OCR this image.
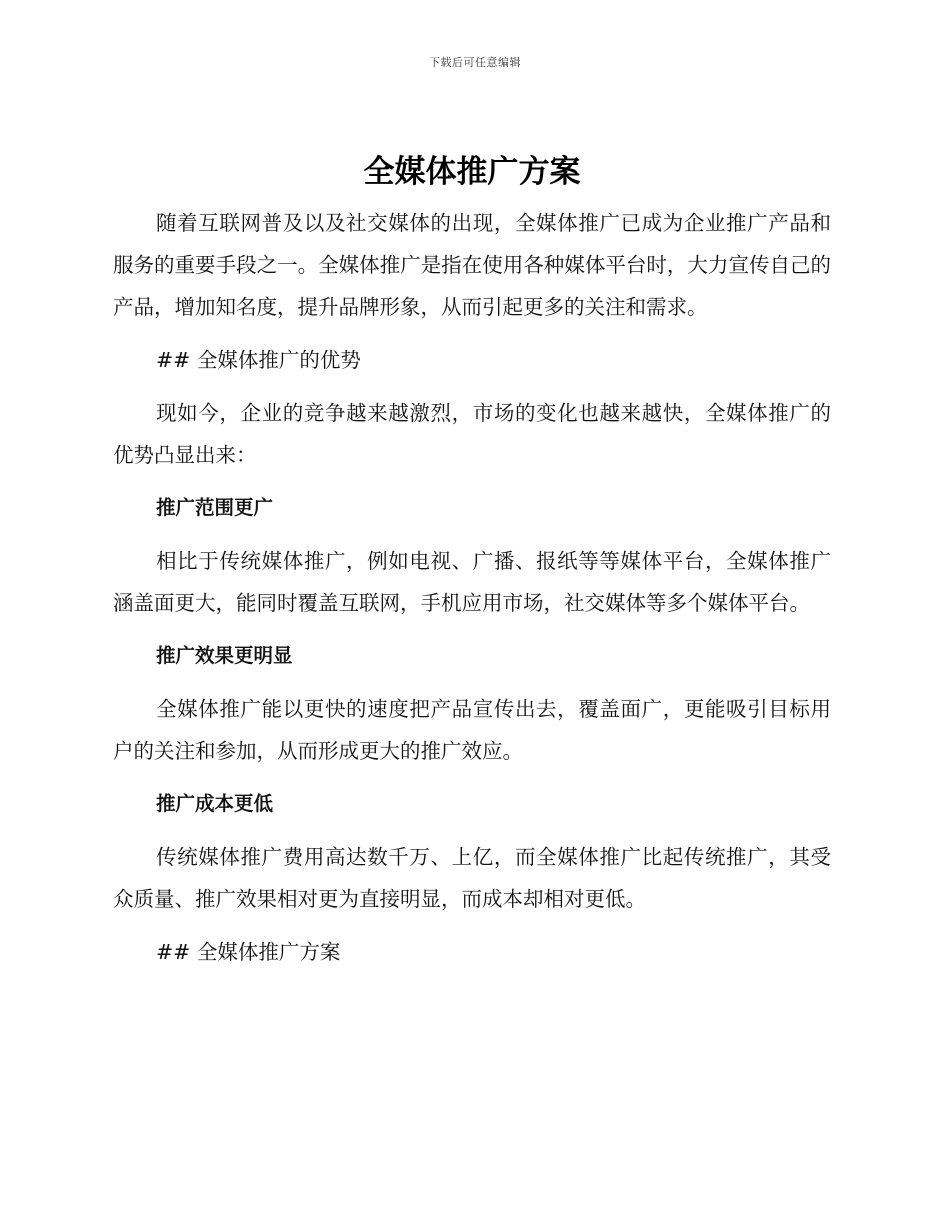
下载后可任意编辑
全媒体推广方案

随着互联网普及以及社交媒体的出现，全媒体推广已成为企业推广产品和服务的重要手段之一。全媒体推广是指在使用各种媒体平台时，大力宣传自己的产品，增加知名度，提升品牌形象，从而引起更多的关注和需求。

## 全媒体推广的优势

现如今，企业的竞争越来越激烈，市场的变化也越来越快，全媒体推广的优势凸显出来：

推广范围更广

相比于传统媒体推广，例如电视、广播、报纸等等媒体平台，全媒体推广涵盖面更大，能同时覆盖互联网，手机应用市场，社交媒体等多个媒体平台。

推广效果更明显

全媒体推广能以更快的速度把产品宣传出去，覆盖面广，更能吸引目标用户的关注和参加，从而形成更大的推广效应。

推广成本更低

传统媒体推广费用高达数千万、上亿，而全媒体推广比起传统推广，其受众质量、推广效果相对更为直接明显，而成本却相对更低。

## 全媒体推广方案
